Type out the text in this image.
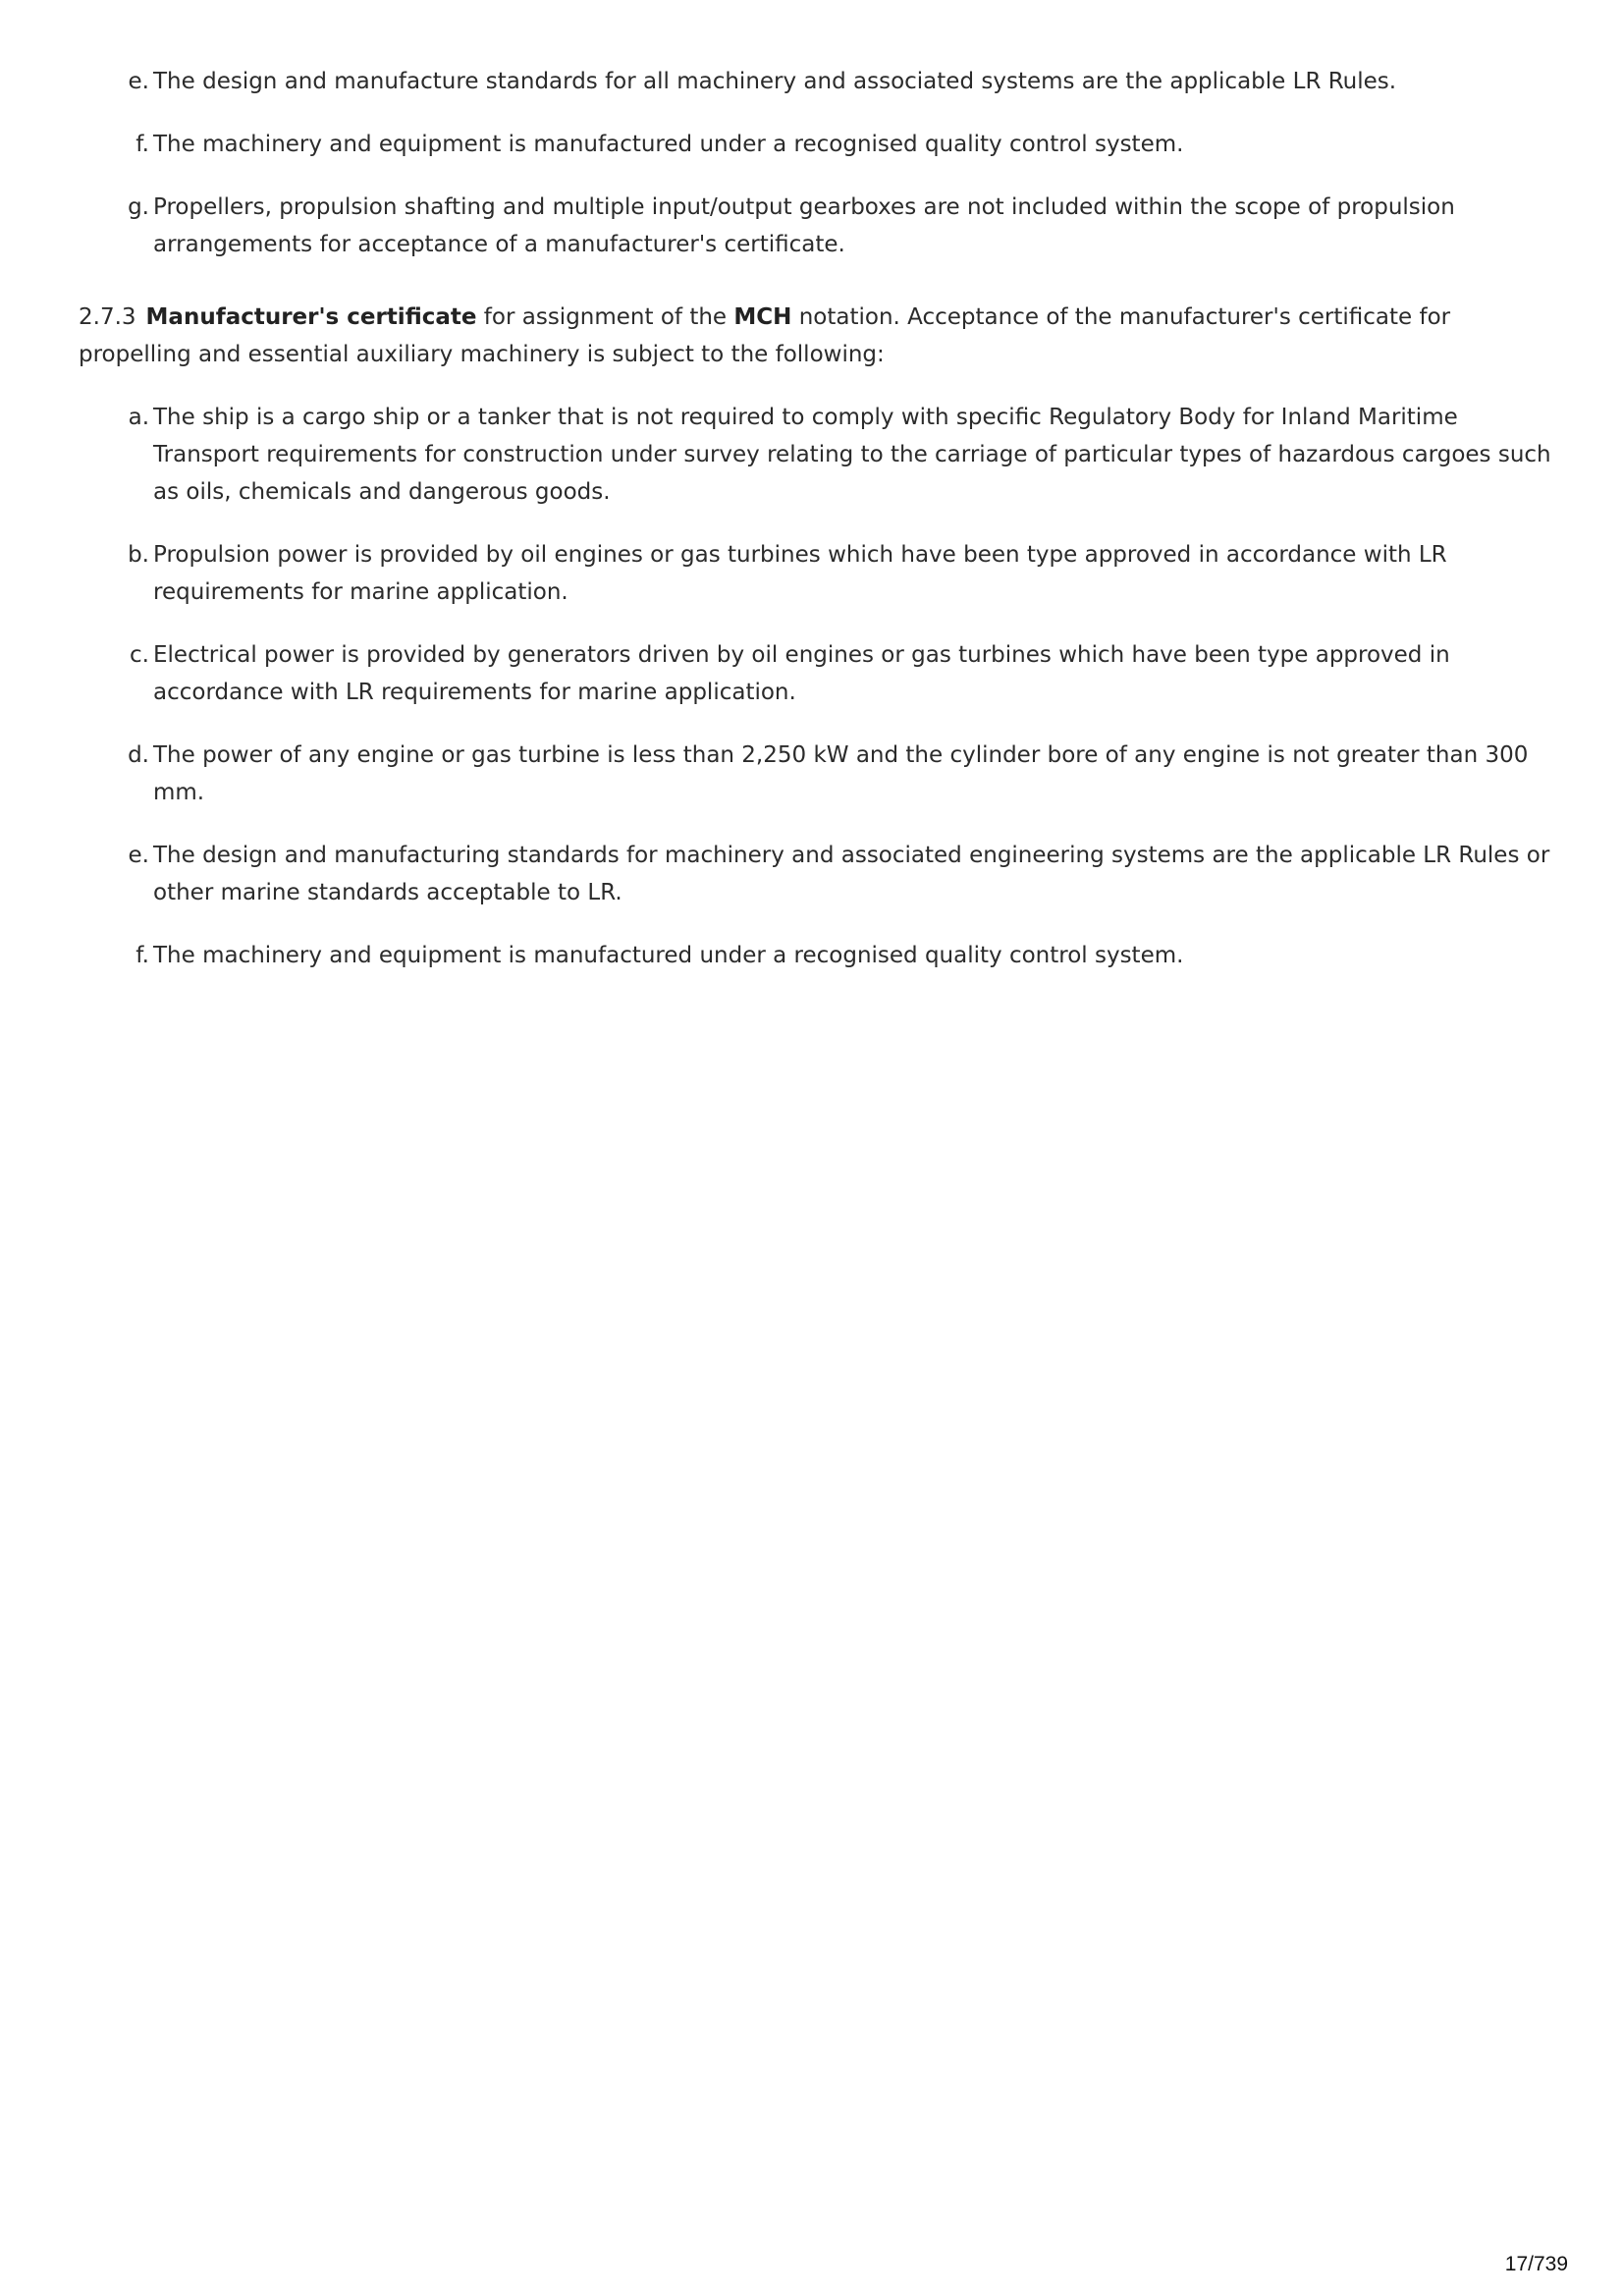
e. The design and manufacture standards for all machinery and associated systems are the applicable LR Rules.
f. The machinery and equipment is manufactured under a recognised quality control system.
g. Propellers, propulsion shafting and multiple input/output gearboxes are not included within the scope of propulsion arrangements for acceptance of a manufacturer's certificate.

2.7.3 Manufacturer's certificate for assignment of the MCH notation. Acceptance of the manufacturer's certificate for propelling and essential auxiliary machinery is subject to the following:

a. The ship is a cargo ship or a tanker that is not required to comply with specific Regulatory Body for Inland Maritime Transport requirements for construction under survey relating to the carriage of particular types of hazardous cargoes such as oils, chemicals and dangerous goods.
b. Propulsion power is provided by oil engines or gas turbines which have been type approved in accordance with LR requirements for marine application.
c. Electrical power is provided by generators driven by oil engines or gas turbines which have been type approved in accordance with LR requirements for marine application.
d. The power of any engine or gas turbine is less than 2,250 kW and the cylinder bore of any engine is not greater than 300 mm.
e. The design and manufacturing standards for machinery and associated engineering systems are the applicable LR Rules or other marine standards acceptable to LR.
f. The machinery and equipment is manufactured under a recognised quality control system.
17/739
